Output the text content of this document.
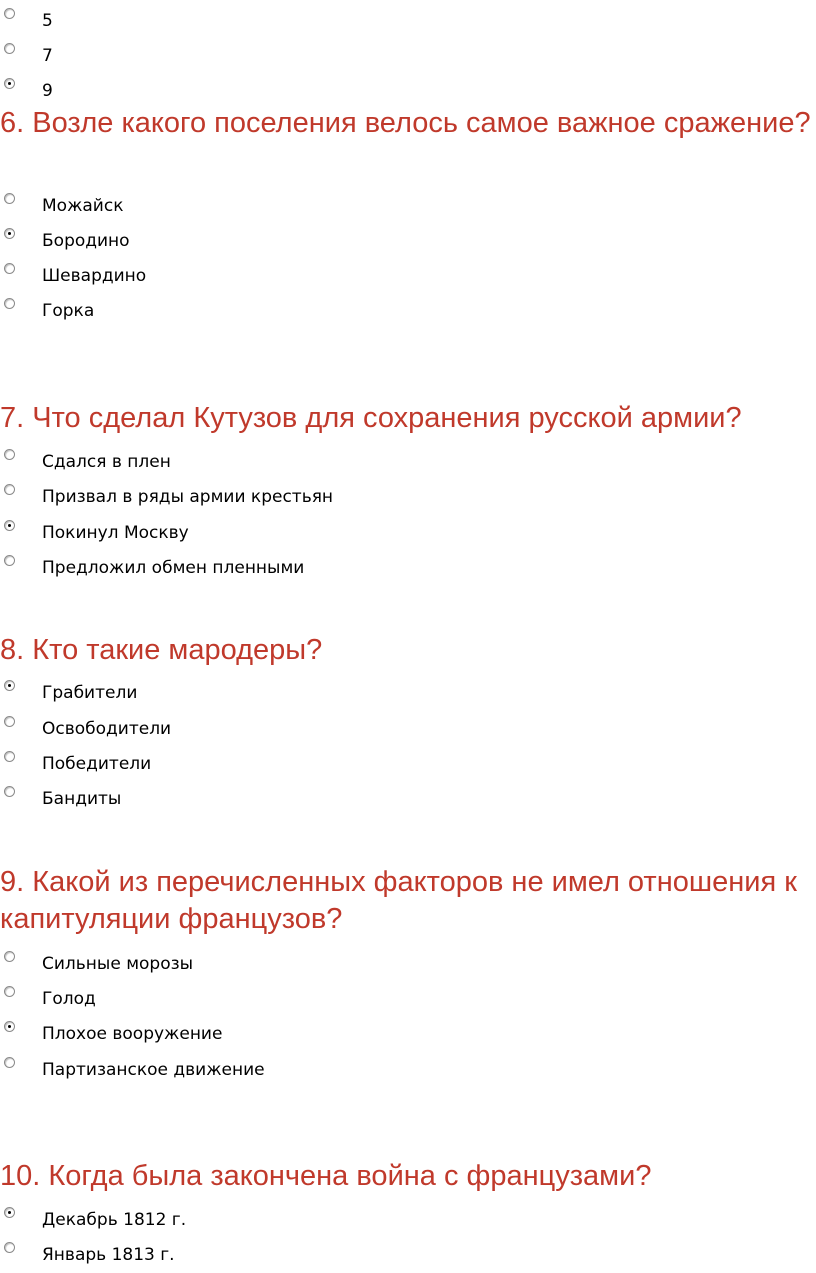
5
7
9
6. Возле какого поселения велось самое важное сражение?
Можайск
Бородино
Шевардино
Горка
7. Что сделал Кутузов для сохранения русской армии?
Сдался в плен
Призвал в ряды армии крестьян
Покинул Москву
Предложил обмен пленными
8. Кто такие мародеры?
Грабители
Освободители
Победители
Бандиты
9. Какой из перечисленных факторов не имел отношения к капитуляции французов?
Сильные морозы
Голод
Плохое вооружение
Партизанское движение
10. Когда была закончена война с французами?
Декабрь 1812 г.
Январь 1813 г.
